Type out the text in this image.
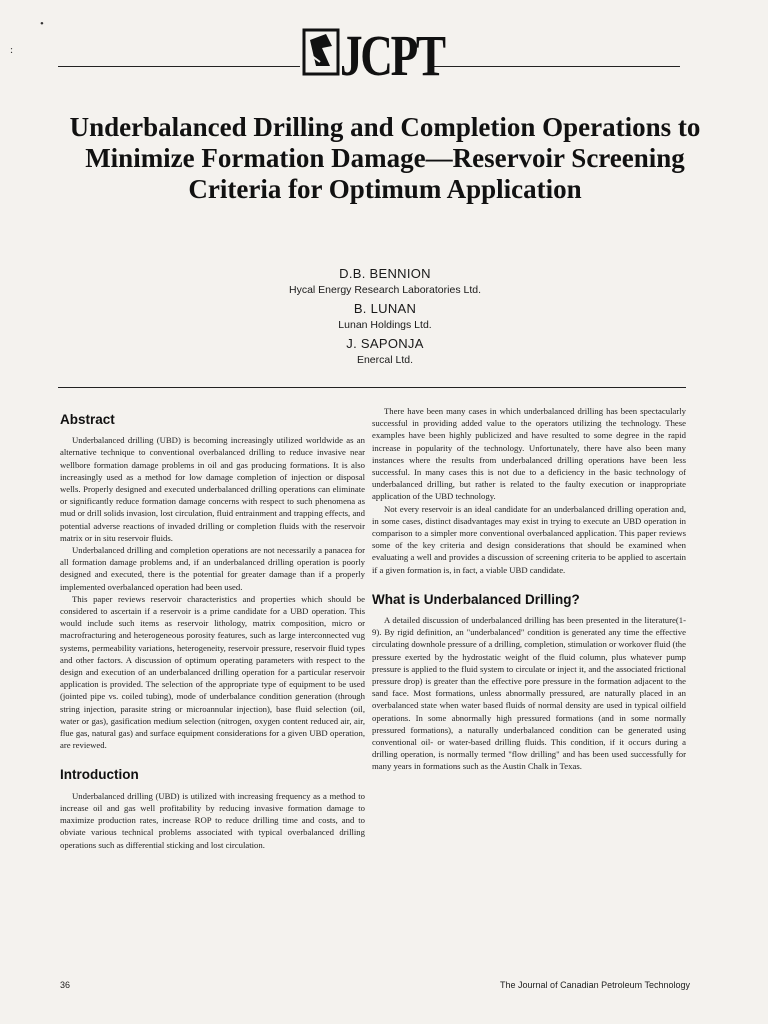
•
:	JCPT
Underbalanced Drilling and Completion Operations to Minimize Formation Damage—Reservoir Screening Criteria for Optimum Application
D.B. BENNION
Hycal Energy Research Laboratories Ltd.
B. LUNAN
Lunan Holdings Ltd.
J. SAPONJA
Enercal Ltd.
Abstract

Underbalanced drilling (UBD) is becoming increasingly utilized worldwide as an alternative technique to conventional overbalanced drilling to reduce invasive near wellbore formation damage problems in oil and gas producing formations. It is also increasingly used as a method for low damage completion of injection or disposal wells. Properly designed and executed underbalanced drilling operations can eliminate or significantly reduce formation damage concerns with respect to such phenomena as mud or drill solids invasion, lost circulation, fluid entrainment and trapping effects, and potential adverse reactions of invaded drilling or completion fluids with the reservoir matrix or in situ reservoir fluids.

Underbalanced drilling and completion operations are not necessarily a panacea for all formation damage problems and, if an underbalanced drilling operation is poorly designed and executed, there is the potential for greater damage than if a properly implemented overbalanced operation had been used.

This paper reviews reservoir characteristics and properties which should be considered to ascertain if a reservoir is a prime candidate for a UBD operation. This would include such items as reservoir lithology, matrix composition, micro or macrofracturing and heterogeneous porosity features, such as large interconnected vug systems, permeability variations, heterogeneity, reservoir pressure, reservoir fluid types and other factors. A discussion of optimum operating parameters with respect to the design and execution of an underbalanced drilling operation for a particular reservoir application is provided. The selection of the appropriate type of equipment to be used (jointed pipe vs. coiled tubing), mode of underbalance condition generation (through string injection, parasite string or microannular injection), base fluid selection (oil, water or gas), gasification medium selection (nitrogen, oxygen content reduced air, air, flue gas, natural gas) and surface equipment considerations for a given UBD operation, are reviewed.

Introduction

Underbalanced drilling (UBD) is utilized with increasing frequency as a method to increase oil and gas well profitability by reducing invasive formation damage to maximize production rates, increase ROP to reduce drilling time and costs, and to obviate various technical problems associated with typical overbalanced drilling operations such as differential sticking and lost circulation.

There have been many cases in which underbalanced drilling has been spectacularly successful in providing added value to the operators utilizing the technology. These examples have been highly publicized and have resulted to some degree in the rapid increase in popularity of the technology. Unfortunately, there have also been many instances where the results from underbalanced drilling operations have been less successful. In many cases this is not due to a deficiency in the basic technology of underbalanced drilling, but rather is related to the faulty execution or inappropriate application of the UBD technology.

Not every reservoir is an ideal candidate for an underbalanced drilling operation and, in some cases, distinct disadvantages may exist in trying to execute an UBD operation in comparison to a simpler more conventional overbalanced application. This paper reviews some of the key criteria and design considerations that should be examined when evaluating a well and provides a discussion of screening criteria to be applied to ascertain if a given formation is, in fact, a viable UBD candidate.

What is Underbalanced Drilling?

A detailed discussion of underbalanced drilling has been presented in the literature(1-9). By rigid definition, an "underbalanced" condition is generated any time the effective circulating downhole pressure of a drilling, completion, stimulation or workover fluid (the pressure exerted by the hydrostatic weight of the fluid column, plus whatever pump pressure is applied to the fluid system to circulate or inject it, and the associated frictional pressure drop) is greater than the effective pore pressure in the formation adjacent to the sand face. Most formations, unless abnormally pressured, are naturally placed in an overbalanced state when water based fluids of normal density are used in typical oilfield operations. In some abnormally high pressured formations (and in some normally pressured formations), a naturally underbalanced condition can be generated using conventional oil- or water-based drilling fluids. This condition, if it occurs during a drilling operation, is normally termed "flow drilling" and has been used successfully for many years in formations such as the Austin Chalk in Texas.

36	The Journal of Canadian Petroleum Technology
